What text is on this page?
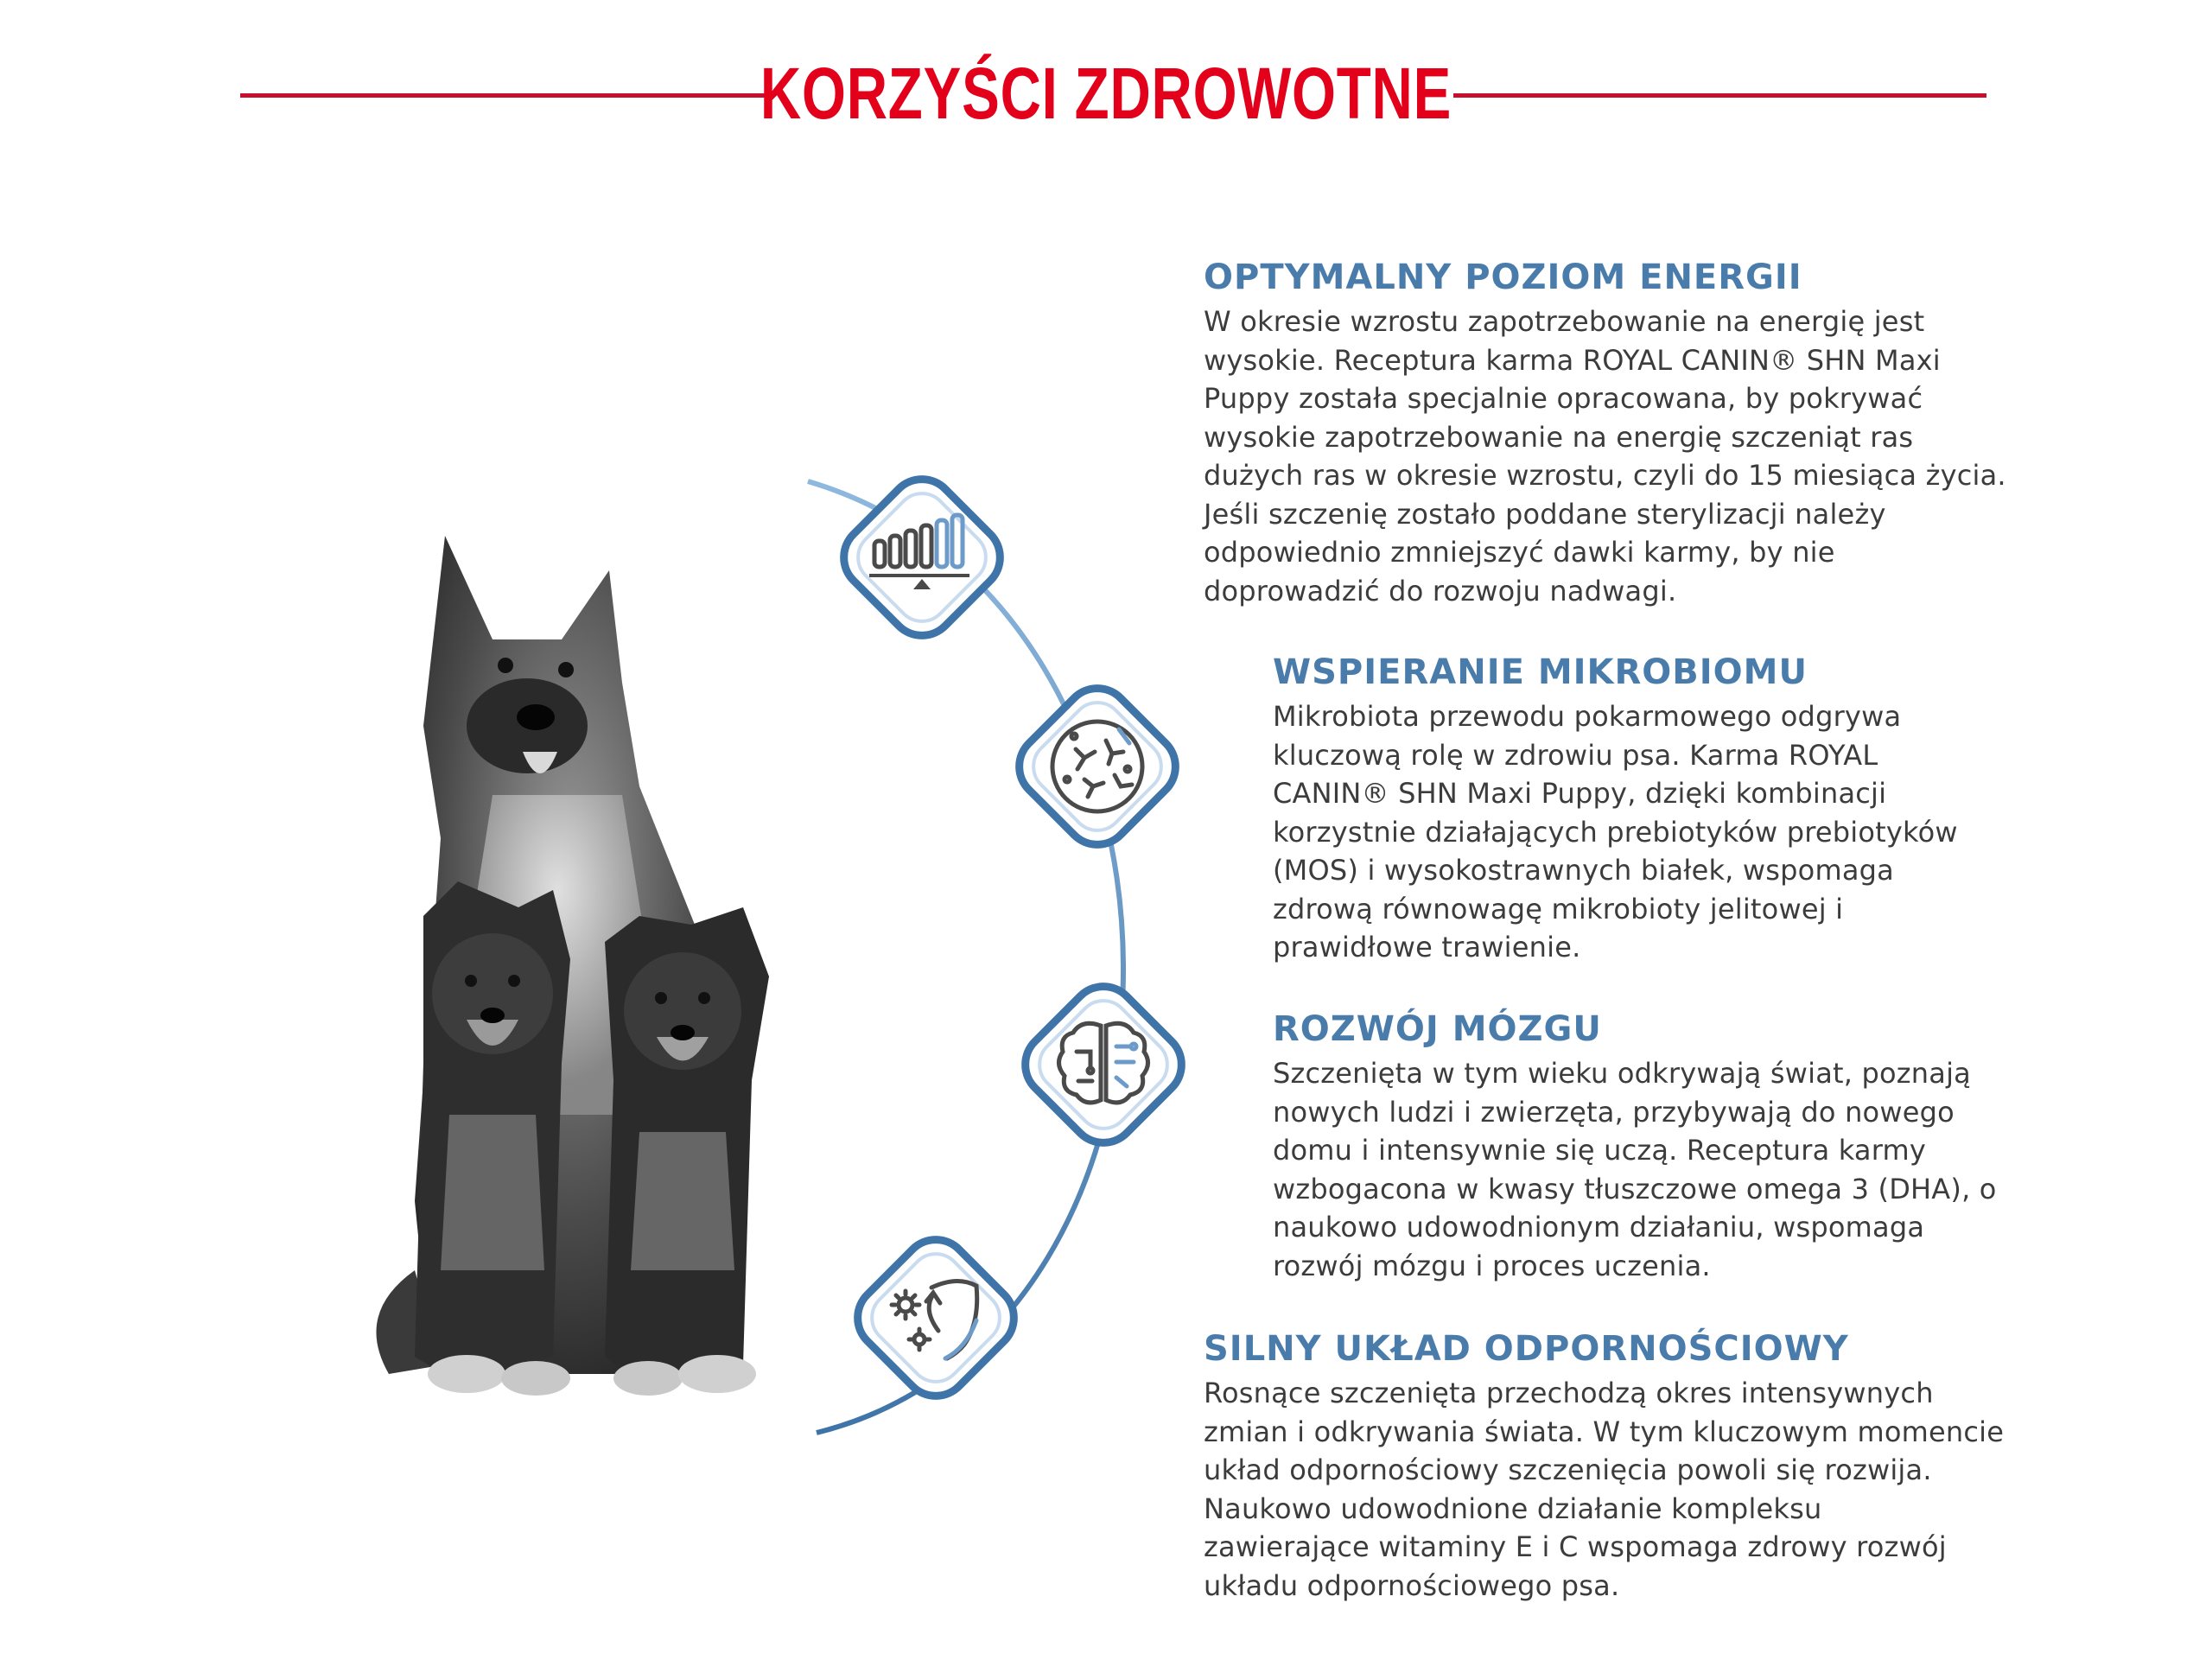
KORZYŚCI ZDROWOTNE
OPTYMALNY POZIOM ENERGII

W okresie wzrostu zapotrzebowanie na energię jest
wysokie. Receptura karma ROYAL CANIN® SHN Maxi
Puppy została specjalnie opracowana, by pokrywać
wysokie zapotrzebowanie na energię szczeniąt ras
dużych ras w okresie wzrostu, czyli do 15 miesiąca życia.
Jeśli szczenię zostało poddane sterylizacji należy
odpowiednio zmniejszyć dawki karmy, by nie
doprowadzić do rozwoju nadwagi.

WSPIERANIE MIKROBIOMU

Mikrobiota przewodu pokarmowego odgrywa
kluczową rolę w zdrowiu psa. Karma ROYAL
CANIN® SHN Maxi Puppy, dzięki kombinacji
korzystnie działających prebiotyków prebiotyków
(MOS) i wysokostrawnych białek, wspomaga
zdrową równowagę mikrobioty jelitowej i
prawidłowe trawienie.

ROZWÓJ MÓZGU

Szczenięta w tym wieku odkrywają świat, poznają
nowych ludzi i zwierzęta, przybywają do nowego
domu i intensywnie się uczą. Receptura karmy
wzbogacona w kwasy tłuszczowe omega 3 (DHA), o
naukowo udowodnionym działaniu, wspomaga
rozwój mózgu i proces uczenia.

SILNY UKŁAD ODPORNOŚCIOWY

Rosnące szczenięta przechodzą okres intensywnych
zmian i odkrywania świata. W tym kluczowym momencie
układ odpornościowy szczenięcia powoli się rozwija.
Naukowo udowodnione działanie kompleksu
zawierające witaminy E i C wspomaga zdrowy rozwój
układu odpornościowego psa.
